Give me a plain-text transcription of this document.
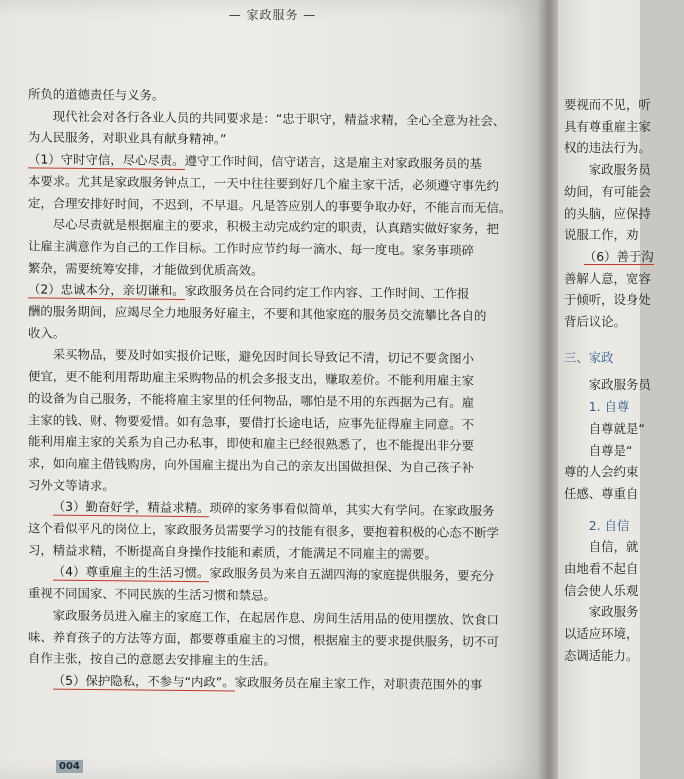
— 家政服务 —

所负的道德责任与义务。

现代社会对各行各业人员的共同要求是：“忠于职守，精益求精，全心全意为社会、

为人民服务，对职业具有献身精神。”

（1）守时守信，尽心尽责。遵守工作时间，信守诺言，这是雇主对家政服务员的基

本要求。尤其是家政服务钟点工，一天中往往要到好几个雇主家干活，必须遵守事先约

定，合理安排好时间，不迟到，不早退。凡是答应别人的事要争取办好，不能言而无信。

尽心尽责就是根据雇主的要求，积极主动完成约定的职责，认真踏实做好家务，把

让雇主满意作为自己的工作目标。工作时应节约每一滴水、每一度电。家务事琐碎

繁杂，需要统筹安排，才能做到优质高效。

（2）忠诚本分，亲切谦和。家政服务员在合同约定工作内容、工作时间、工作报

酬的服务期间，应竭尽全力地服务好雇主，不要和其他家庭的服务员交流攀比各自的

收入。

采买物品，要及时如实报价记账，避免因时间长导致记不清，切记不要贪图小

便宜，更不能利用帮助雇主采购物品的机会多报支出，赚取差价。不能利用雇主家

的设备为自己服务，不能将雇主家里的任何物品，哪怕是不用的东西据为己有。雇

主家的钱、财、物要爱惜。如有急事，要借打长途电话，应事先征得雇主同意。不

能利用雇主家的关系为自己办私事，即使和雇主已经很熟悉了，也不能提出非分要

求，如向雇主借钱购房，向外国雇主提出为自己的亲友出国做担保、为自己孩子补

习外文等请求。

（3）勤奋好学，精益求精。琐碎的家务事看似简单，其实大有学问。在家政服务

这个看似平凡的岗位上，家政服务员需要学习的技能有很多，要抱着积极的心态不断学

习，精益求精，不断提高自身操作技能和素质，才能满足不同雇主的需要。

（4）尊重雇主的生活习惯。家政服务员为来自五湖四海的家庭提供服务，要充分

重视不同国家、不同民族的生活习惯和禁忌。

家政服务员进入雇主的家庭工作，在起居作息、房间生活用品的使用摆放、饮食口

味、养育孩子的方法等方面，都要尊重雇主的习惯，根据雇主的要求提供服务，切不可

自作主张，按自己的意愿去安排雇主的生活。

（5）保护隐私，不参与“内政”。家政服务员在雇主家工作，对职责范围外的事

004

要视而不见，听

具有尊重雇主家

权的违法行为。

家政服务员

幼间，有可能会

的头脑，应保持

说服工作，劝

（6）善于沟

善解人意，宽容

于倾听，设身处

背后议论。

三、家政

家政服务员

1. 自尊

自尊就是“

自尊是“

尊的人会约束

任感、尊重自

2. 自信

自信，就

由地看不起自

信会使人乐观

家政服务

以适应环境，

态调适能力。
